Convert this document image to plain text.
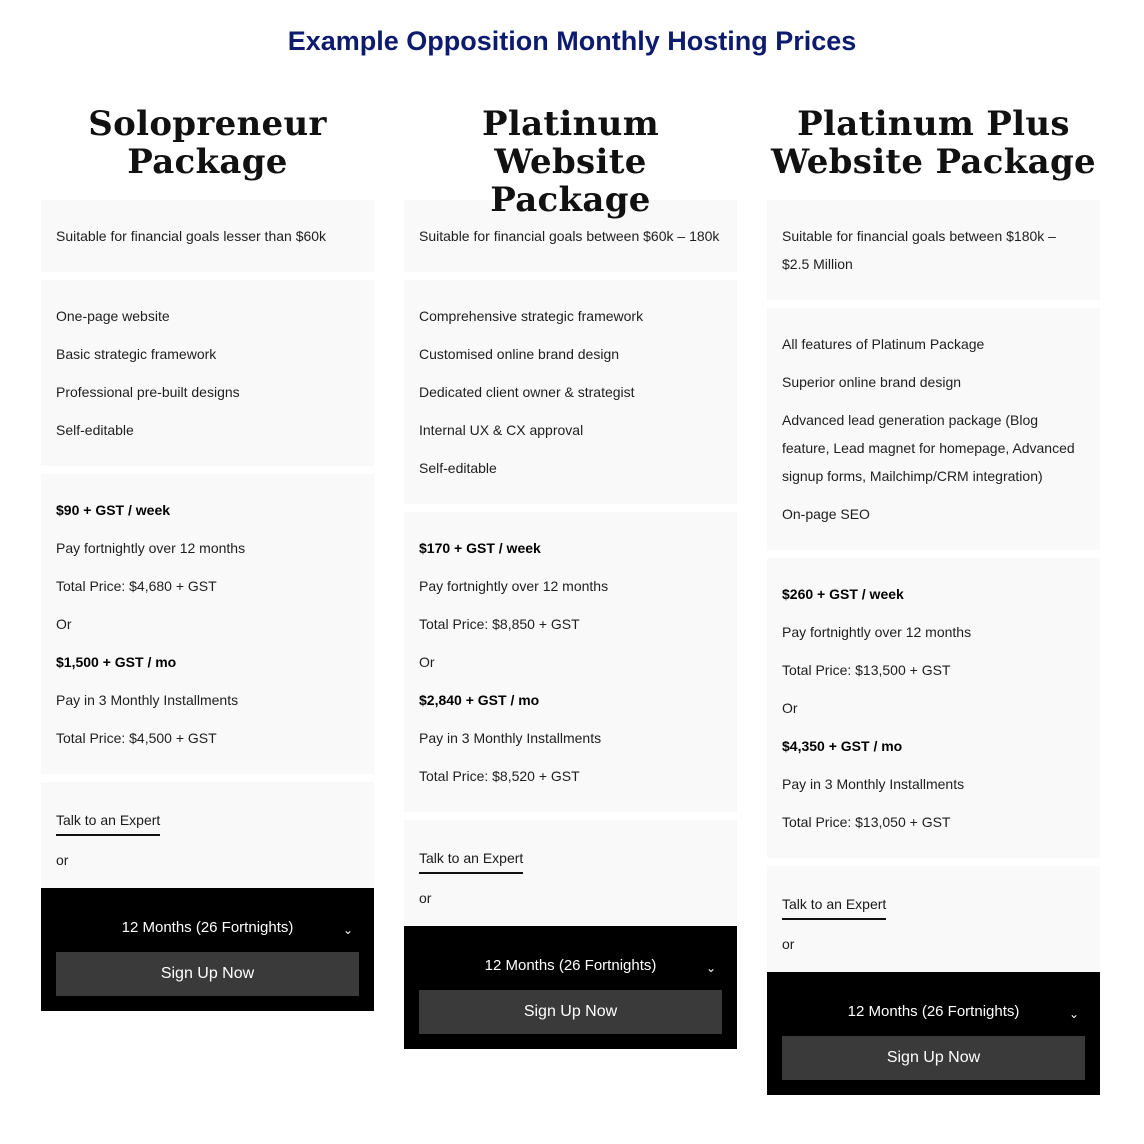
Example Opposition Monthly Hosting Prices
Solopreneur
Package
Suitable for financial goals lesser than $60k
One-page website
Basic strategic framework
Professional pre-built designs
Self-editable
$90 + GST / week
Pay fortnightly over 12 months
Total Price: $4,680 + GST
Or
$1,500 + GST / mo
Pay in 3 Monthly Installments
Total Price: $4,500 + GST
Talk to an Expert
or
12 Months (26 Fortnights)	⌄
Sign Up Now
Platinum Website
Package
Suitable for financial goals between $60k – 180k
Comprehensive strategic framework
Customised online brand design
Dedicated client owner & strategist
Internal UX & CX approval
Self-editable
$170 + GST / week
Pay fortnightly over 12 months
Total Price: $8,850 + GST
Or
$2,840 + GST / mo
Pay in 3 Monthly Installments
Total Price: $8,520 + GST
Talk to an Expert
or
12 Months (26 Fortnights)	⌄
Sign Up Now
Platinum Plus
Website Package
Suitable for financial goals between $180k – $2.5 Million
All features of Platinum Package
Superior online brand design
Advanced lead generation package (Blog feature, Lead magnet for homepage, Advanced signup forms, Mailchimp/CRM integration)
On-page SEO
$260 + GST / week
Pay fortnightly over 12 months
Total Price: $13,500 + GST
Or
$4,350 + GST / mo
Pay in 3 Monthly Installments
Total Price: $13,050 + GST
Talk to an Expert
or
12 Months (26 Fortnights)	⌄
Sign Up Now
